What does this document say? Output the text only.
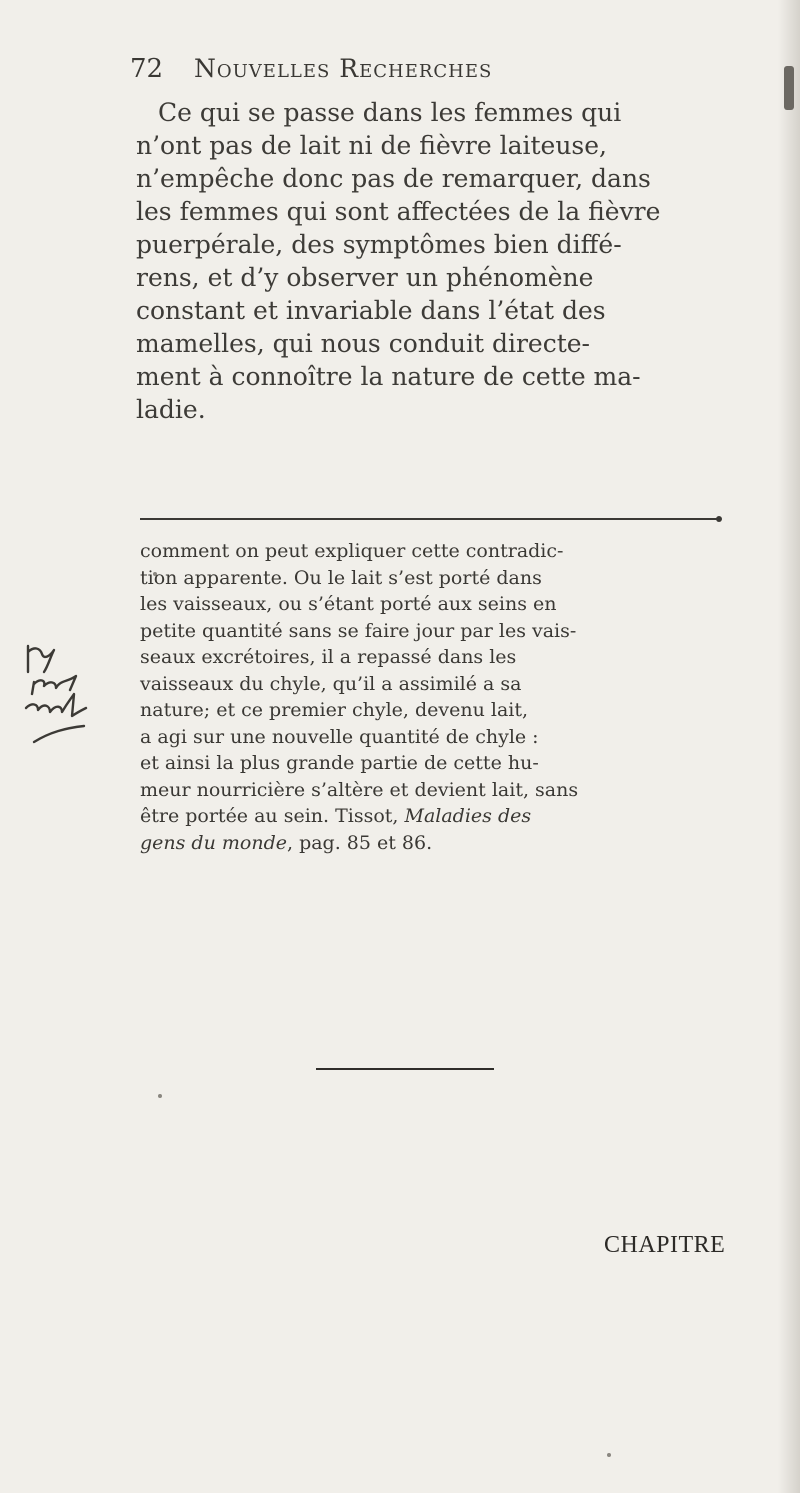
72 Nouvelles Recherches
Ce qui se passe dans les femmes qui
n’ont pas de lait ni de fièvre laiteuse,
n’empêche donc pas de remarquer, dans
les femmes qui sont affectées de la fièvre
puerpérale, des symptômes bien diffé-
rens, et d’y observer un phénomène
constant et invariable dans l’état des
mamelles, qui nous conduit directe-
ment à connoître la nature de cette ma-
ladie.
comment on peut expliquer cette contradic-
tion apparente. Ou le lait s’est porté dans
les vaisseaux, ou s’étant porté aux seins en
petite quantité sans se faire jour par les vais-
seaux excrétoires, il a repassé dans les
vaisseaux du chyle, qu’il a assimilé a sa
nature; et ce premier chyle, devenu lait,
a agi sur une nouvelle quantité de chyle :
et ainsi la plus grande partie de cette hu-
meur nourricière s’altère et devient lait, sans
être portée au sein. Tissot, Maladies des
gens du monde, pag. 85 et 86.
CHAPITRE
